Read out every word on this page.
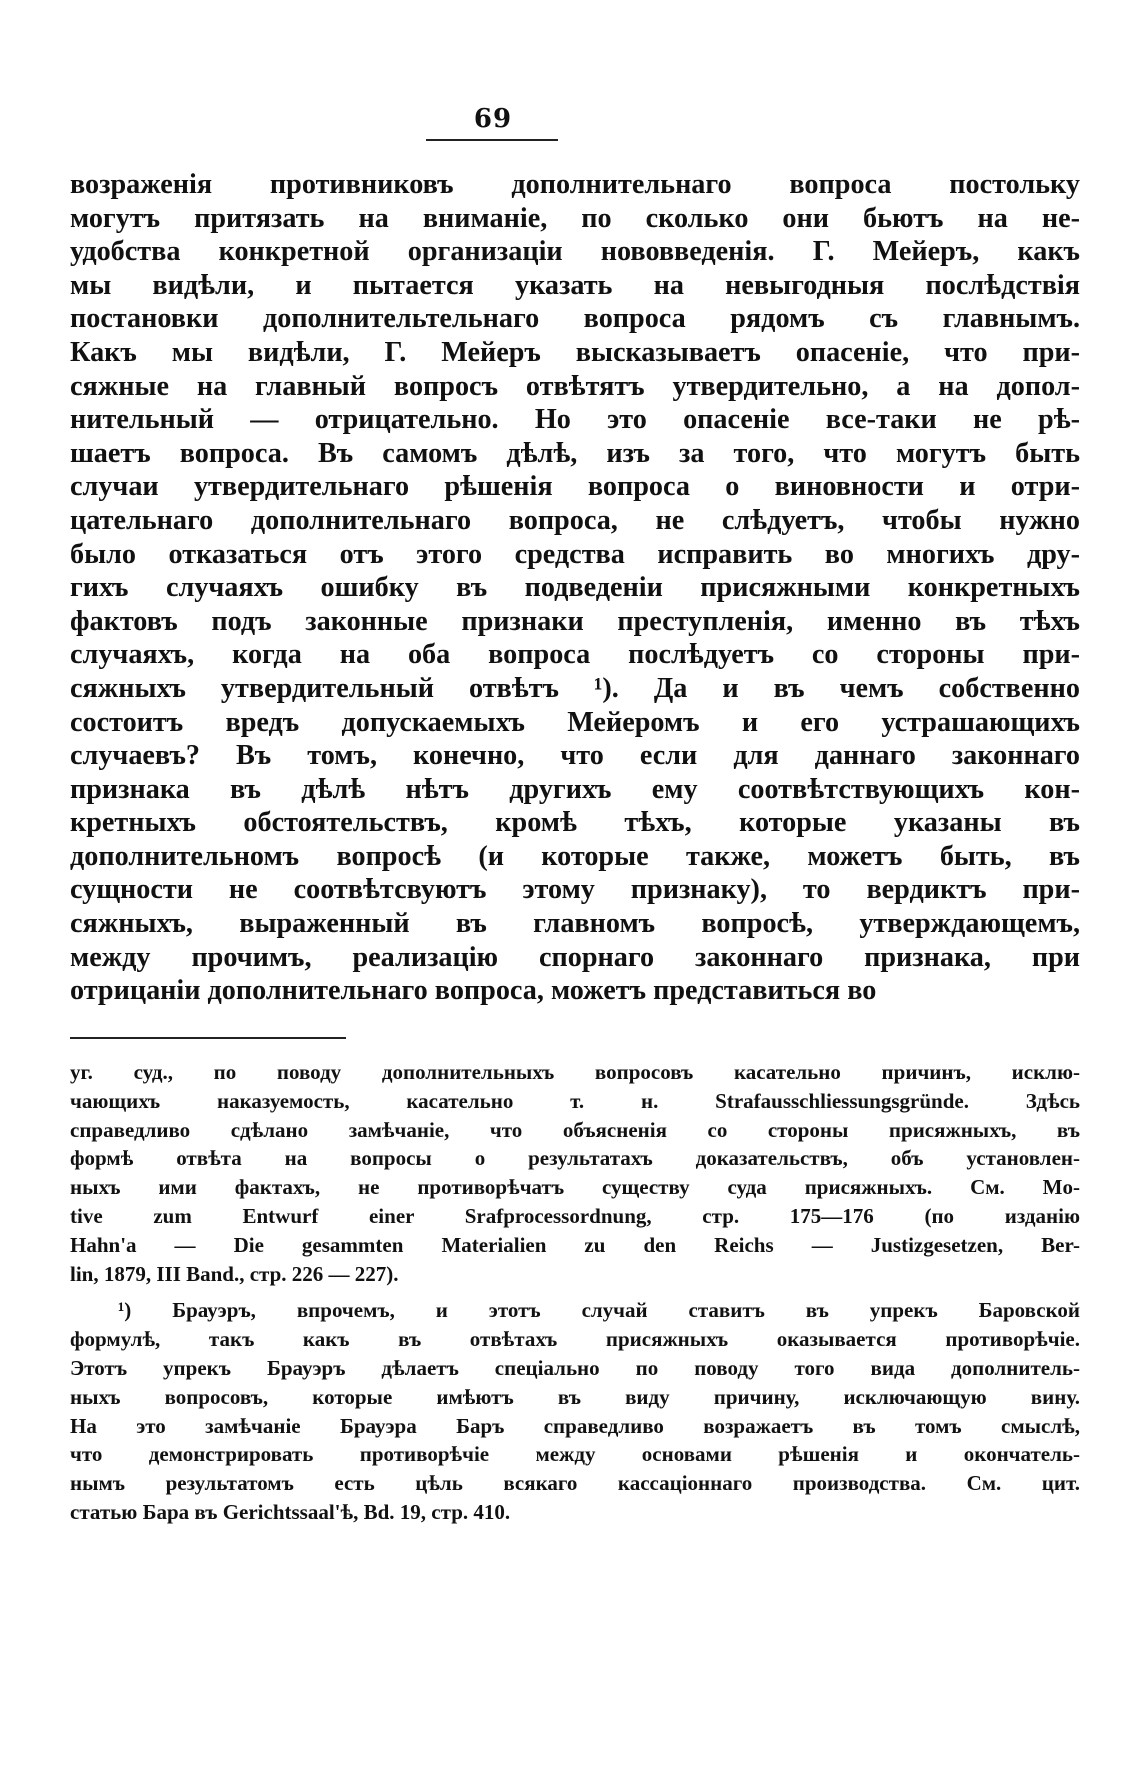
69
возраженія противниковъ дополнительнаго вопроса постольку
могутъ притязать на вниманіе, по сколько они бьютъ на не-
удобства конкретной организаціи нововведенія. Г. Мейеръ, какъ
мы видѣли, и пытается указать на невыгодныя послѣдствія
постановки дополнительтельнаго вопроса рядомъ съ главнымъ.
Какъ мы видѣли, Г. Мейеръ высказываетъ опасеніе, что при-
сяжные на главный вопросъ отвѣтятъ утвердительно, а на допол-
нительный — отрицательно. Но это опасеніе все-таки не рѣ-
шаетъ вопроса. Въ самомъ дѣлѣ, изъ за того, что могутъ быть
случаи утвердительнаго рѣшенія вопроса о виновности и отри-
цательнаго дополнительнаго вопроса, не слѣдуетъ, чтобы нужно
было отказаться отъ этого средства исправить во многихъ дру-
гихъ случаяхъ ошибку въ подведеніи присяжными конкретныхъ
фактовъ подъ законные признаки преступленія, именно въ тѣхъ
случаяхъ, когда на оба вопроса послѣдуетъ со стороны при-
сяжныхъ утвердительный отвѣтъ ¹). Да и въ чемъ собственно
состоитъ вредъ допускаемыхъ Мейеромъ и его устрашающихъ
случаевъ? Въ томъ, конечно, что если для даннаго законнаго
признака въ дѣлѣ нѣтъ другихъ ему соотвѣтствующихъ кон-
кретныхъ обстоятельствъ, кромѣ тѣхъ, которые указаны въ
дополнительномъ вопросѣ (и которые также, можетъ быть, въ
сущности не соотвѣтсвуютъ этому признаку), то вердиктъ при-
сяжныхъ, выраженный въ главномъ вопросѣ, утверждающемъ,
между прочимъ, реализацію спорнаго законнаго признака, при
отрицаніи дополнительнаго вопроса, можетъ представиться во
уг. суд., по поводу дополнительныхъ вопросовъ касательно причинъ, исклю-
чающихъ наказуемость, касательно т. н. Strafausschliessungsgründe. Здѣсь
справедливо сдѣлано замѣчаніе, что объясненія со стороны присяжныхъ, въ
формѣ отвѣта на вопросы о результатахъ доказательствъ, объ установлен-
ныхъ ими фактахъ, не противорѣчатъ существу суда присяжныхъ. См. Mo-
tive zum Entwurf einer Srafprocessordnung, стр. 175—176 (по изданію
Hahn'a — Die gesammten Materialien zu den Reichs — Justizgesetzen, Ber-
lin, 1879, III Band., стр. 226 — 227).
¹) Брауэръ, впрочемъ, и этотъ случай ставитъ въ упрекъ Баровской
формулѣ, такъ какъ въ отвѣтахъ присяжныхъ оказывается противорѣчіе.
Этотъ упрекъ Брауэръ дѣлаетъ спеціально по поводу того вида дополнитель-
ныхъ вопросовъ, которые имѣютъ въ виду причину, исключающую вину.
На это замѣчаніе Брауэра Баръ справедливо возражаетъ въ томъ смыслѣ,
что демонстрировать противорѣчіе между основами рѣшенія и окончатель-
нымъ результатомъ есть цѣль всякаго кассаціоннаго производства. См. цит.
статью Бара въ Gerichtssaal'ѣ, Bd. 19, стр. 410.
